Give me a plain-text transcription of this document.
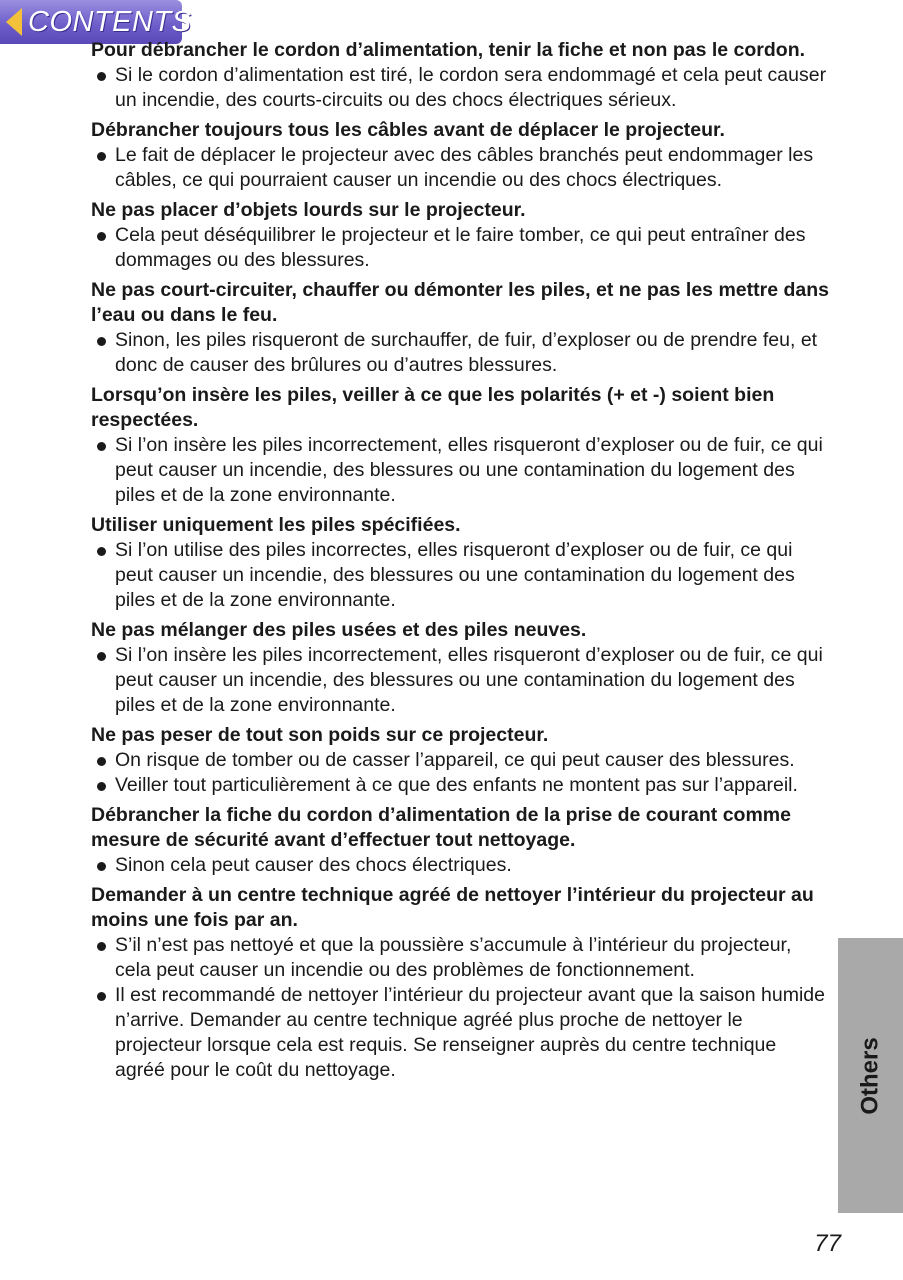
CONTENTS

Pour débrancher le cordon d’alimentation, tenir la fiche et non pas le cordon.

Si le cordon d’alimentation est tiré, le cordon sera endommagé et cela peut causer un incendie, des courts-circuits ou des chocs électriques sérieux.

Débrancher toujours tous les câbles avant de déplacer le projecteur.

Le fait de déplacer le projecteur avec des câbles branchés peut endommager les câbles, ce qui pourraient causer un incendie ou des chocs électriques.

Ne pas placer d’objets lourds sur le projecteur.

Cela peut déséquilibrer le projecteur et le faire tomber, ce qui peut entraîner des dommages ou des blessures.

Ne pas court-circuiter, chauffer ou démonter les piles, et ne pas les mettre dans l’eau ou dans le feu.

Sinon, les piles risqueront de surchauffer, de fuir, d’exploser ou de prendre feu, et donc de causer des brûlures ou d’autres blessures.

Lorsqu’on insère les piles, veiller à ce que les polarités (+ et -) soient bien respectées.

Si l’on insère les piles incorrectement, elles risqueront d’exploser ou de fuir, ce qui peut causer un incendie, des blessures ou une contamination du logement des piles et de la zone environnante.

Utiliser uniquement les piles spécifiées.

Si l’on utilise des piles incorrectes, elles risqueront d’exploser ou de fuir, ce qui peut causer un incendie, des blessures ou une contamination du logement des piles et de la zone environnante.

Ne pas mélanger des piles usées et des piles neuves.

Si l’on insère les piles incorrectement, elles risqueront d’exploser ou de fuir, ce qui peut causer un incendie, des blessures ou une contamination du logement des piles et de la zone environnante.

Ne pas peser de tout son poids sur ce projecteur.

On risque de tomber ou de casser l’appareil, ce qui peut causer des blessures.
Veiller tout particulièrement à ce que des enfants ne montent pas sur l’appareil.

Débrancher la fiche du cordon d’alimentation de la prise de courant comme mesure de sécurité avant d’effectuer tout nettoyage.

Sinon cela peut causer des chocs électriques.

Demander à un centre technique agréé de nettoyer l’intérieur du projecteur au moins une fois par an.

S’il n’est pas nettoyé et que la poussière s’accumule à l’intérieur du projecteur, cela peut causer un incendie ou des problèmes de fonctionnement.
Il est recommandé de nettoyer l’intérieur du projecteur avant que la saison humide n’arrive. Demander au centre technique agréé plus proche de nettoyer le projecteur lorsque cela est requis. Se renseigner auprès du centre technique agréé pour le coût du nettoyage.	Others
77
